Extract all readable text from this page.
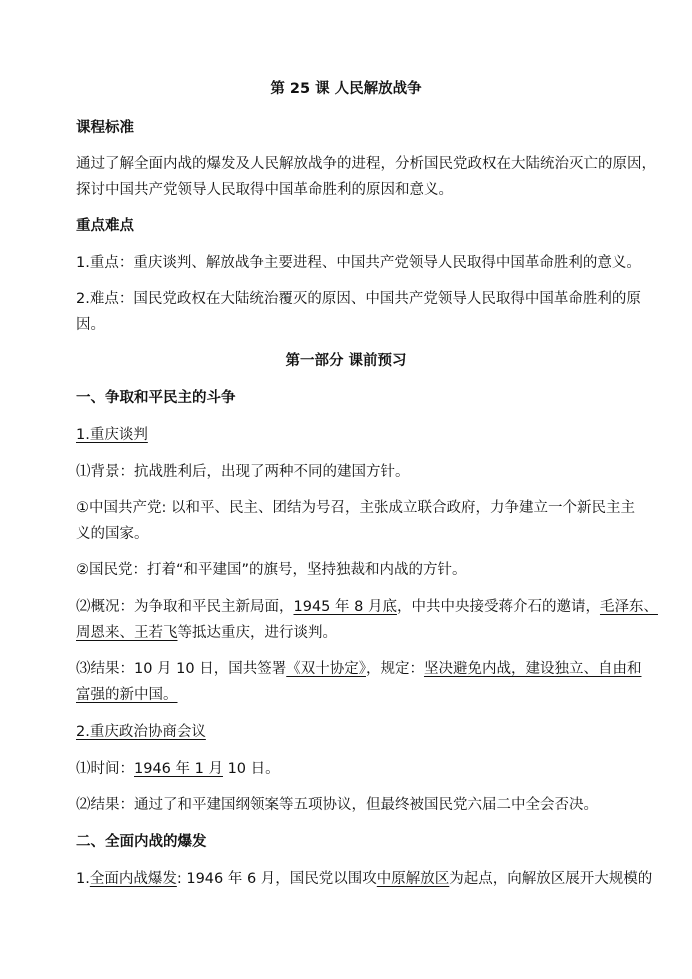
第 25 课 人民解放战争
课程标准
通过了解全面内战的爆发及人民解放战争的进程，分析国民党政权在大陆统治灭亡的原因，
探讨中国共产党领导人民取得中国革命胜利的原因和意义。
重点难点
1.重点：重庆谈判、解放战争主要进程、中国共产党领导人民取得中国革命胜利的意义。
2.难点：国民党政权在大陆统治覆灭的原因、中国共产党领导人民取得中国革命胜利的原
因。
第一部分 课前预习
一、争取和平民主的斗争
1.重庆谈判
⑴背景：抗战胜利后，出现了两种不同的建国方针。
①中国共产党: 以和平、民主、团结为号召，主张成立联合政府，力争建立一个新民主主
义的国家。
②国民党：打着“和平建国”的旗号，坚持独裁和内战的方针。
⑵概况：为争取和平民主新局面，1945 年 8 月底，中共中央接受蒋介石的邀请，毛泽东、
周恩来、王若飞等抵达重庆，进行谈判。
⑶结果：10 月 10 日，国共签署《双十协定》，规定：坚决避免内战，建设独立、自由和
富强的新中国。
2.重庆政治协商会议
⑴时间：1946 年 1 月 10 日。
⑵结果：通过了和平建国纲领案等五项协议，但最终被国民党六届二中全会否决。
二、全面内战的爆发
1.全面内战爆发: 1946 年 6 月，国民党以围攻中原解放区为起点，向解放区展开大规模的
